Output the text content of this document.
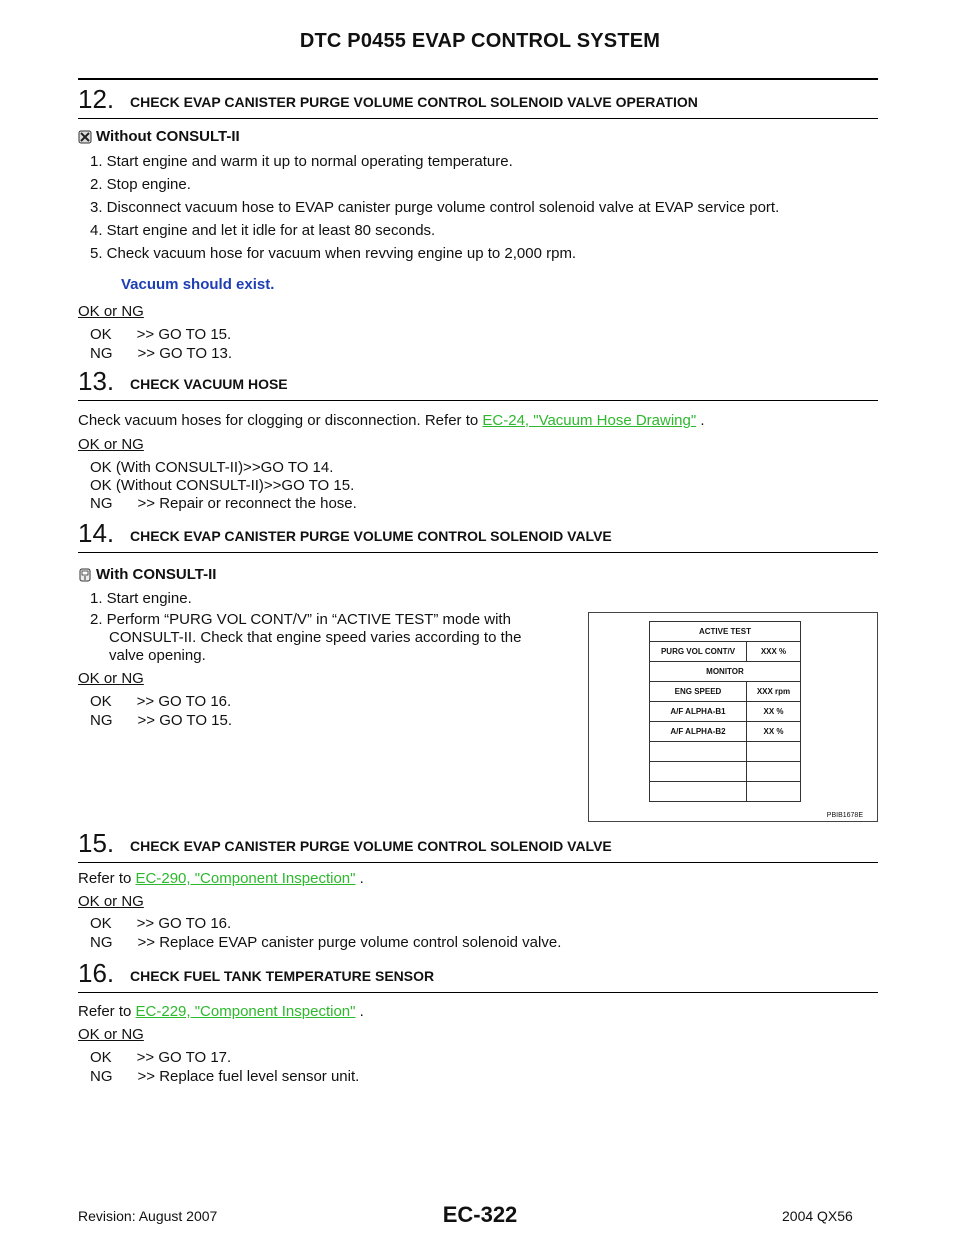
DTC P0455 EVAP CONTROL SYSTEM
12. CHECK EVAP CANISTER PURGE VOLUME CONTROL SOLENOID VALVE OPERATION
Without CONSULT-II
1. Start engine and warm it up to normal operating temperature.
2. Stop engine.
3. Disconnect vacuum hose to EVAP canister purge volume control solenoid valve at EVAP service port.
4. Start engine and let it idle for at least 80 seconds.
5. Check vacuum hose for vacuum when revving engine up to 2,000 rpm.
Vacuum should exist.
OK or NG
OK      >> GO TO 15.
NG      >> GO TO 13.
13. CHECK VACUUM HOSE
Check vacuum hoses for clogging or disconnection. Refer to EC-24, "Vacuum Hose Drawing" .
OK or NG
OK (With CONSULT-II)>>GO TO 14.
OK (Without CONSULT-II)>>GO TO 15.
NG      >> Repair or reconnect the hose.
14. CHECK EVAP CANISTER PURGE VOLUME CONTROL SOLENOID VALVE
With CONSULT-II
1. Start engine.
2. Perform “PURG VOL CONT/V” in “ACTIVE TEST” mode with
CONSULT-II. Check that engine speed varies according to the
valve opening.
OK or NG
OK      >> GO TO 16.
NG      >> GO TO 15.
ACTIVE TEST	
PURG VOL CONT/V	XXX %
MONITOR	
ENG SPEED	XXX rpm
A/F ALPHA-B1	XX %
A/F ALPHA-B2	XX %

PBIB1678E
15. CHECK EVAP CANISTER PURGE VOLUME CONTROL SOLENOID VALVE
Refer to EC-290, "Component Inspection" .
OK or NG
OK      >> GO TO 16.
NG      >> Replace EVAP canister purge volume control solenoid valve.
16. CHECK FUEL TANK TEMPERATURE SENSOR
Refer to EC-229, "Component Inspection" .
OK or NG
OK      >> GO TO 17.
NG      >> Replace fuel level sensor unit.
Revision: August 2007	EC-322	2004 QX56
